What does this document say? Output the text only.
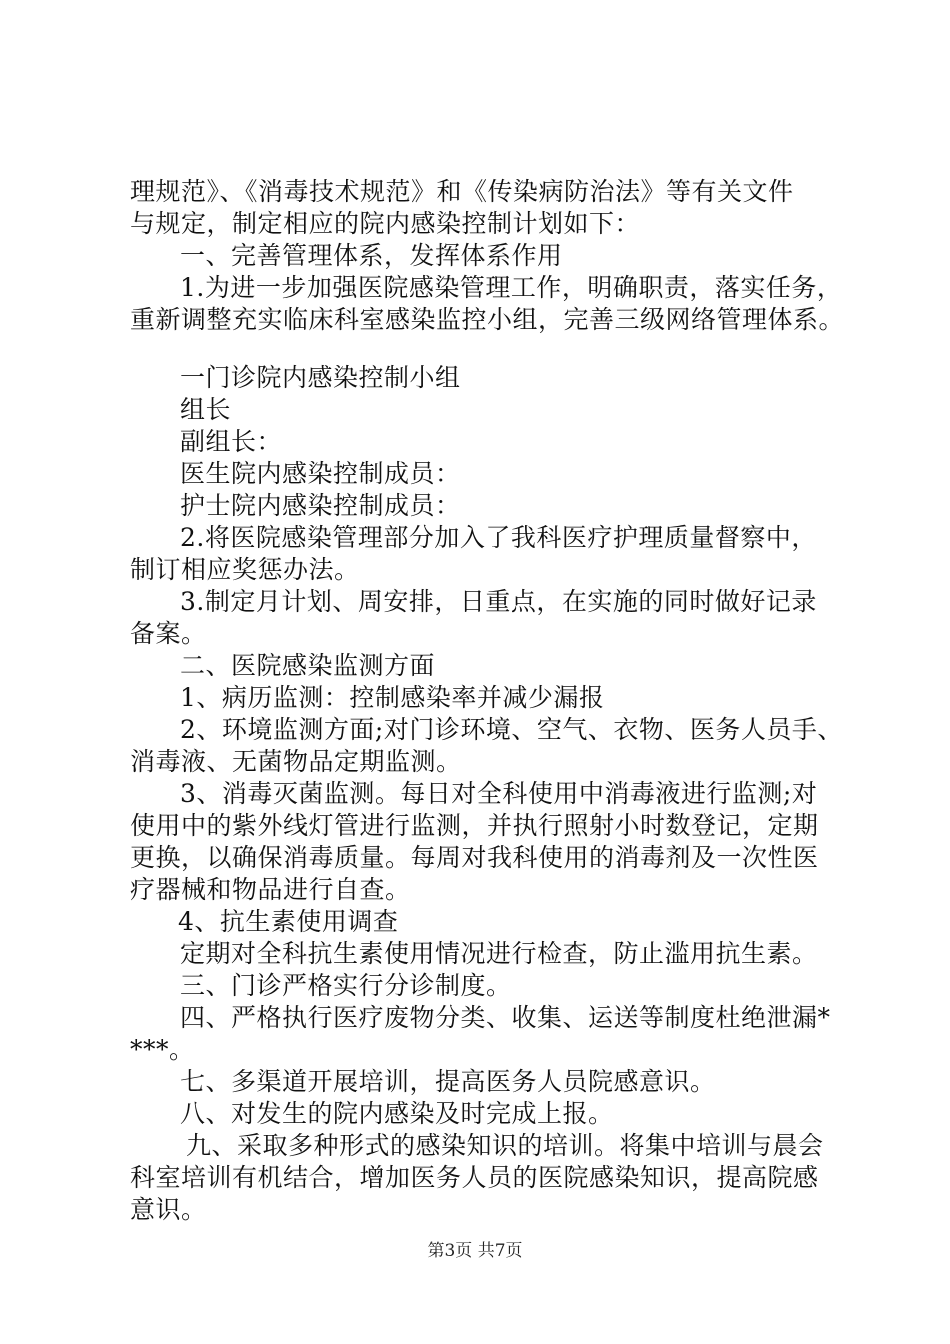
理规范》、《消毒技术规范》和《传染病防治法》等有关文件
与规定，制定相应的院内感染控制计划如下：
一、完善管理体系，发挥体系作用
1.为进一步加强医院感染管理工作，明确职责，落实任务，
重新调整充实临床科室感染监控小组，完善三级网络管理体系。
一门诊院内感染控制小组
组长
副组长：
医生院内感染控制成员：
护士院内感染控制成员：
2.将医院感染管理部分加入了我科医疗护理质量督察中，
制订相应奖惩办法。
3.制定月计划、周安排，日重点，在实施的同时做好记录
备案。
二、医院感染监测方面
1、病历监测：控制感染率并减少漏报
2、环境监测方面;对门诊环境、空气、衣物、医务人员手、
消毒液、无菌物品定期监测。
3、消毒灭菌监测。每日对全科使用中消毒液进行监测;对
使用中的紫外线灯管进行监测，并执行照射小时数登记，定期
更换，以确保消毒质量。每周对我科使用的消毒剂及一次性医
疗器械和物品进行自查。
4、抗生素使用调查
定期对全科抗生素使用情况进行检查，防止滥用抗生素。
三、门诊严格实行分诊制度。
四、严格执行医疗废物分类、收集、运送等制度杜绝泄漏*
***。
七、多渠道开展培训，提高医务人员院感意识。
八、对发生的院内感染及时完成上报。
九、采取多种形式的感染知识的培训。将集中培训与晨会
科室培训有机结合，增加医务人员的医院感染知识，提高院感
意识。
第3页 共7页
